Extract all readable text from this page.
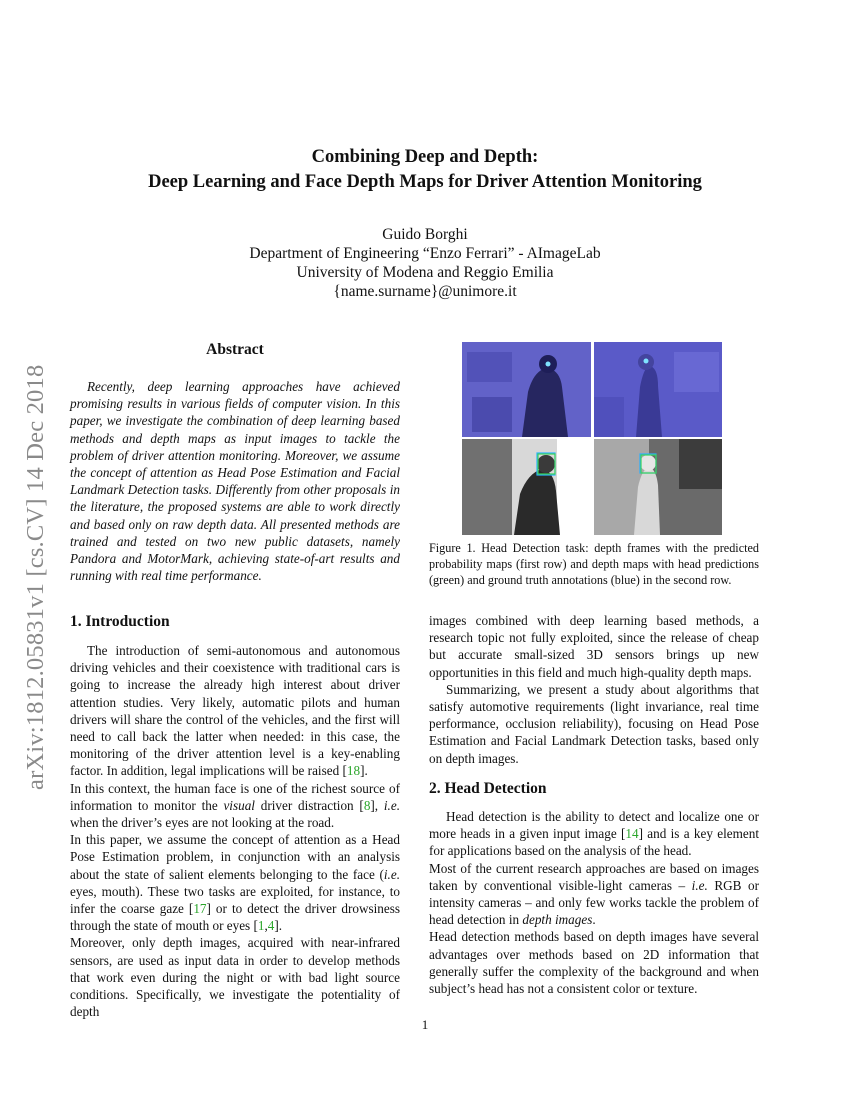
arXiv:1812.05831v1 [cs.CV] 14 Dec 2018
Combining Deep and Depth:
Deep Learning and Face Depth Maps for Driver Attention Monitoring
Guido Borghi
Department of Engineering “Enzo Ferrari” - AImageLab
University of Modena and Reggio Emilia
{name.surname}@unimore.it
Abstract

Recently, deep learning approaches have achieved promising results in various fields of computer vision. In this paper, we investigate the combination of deep learning based methods and depth maps as input images to tackle the problem of driver attention monitoring. Moreover, we assume the concept of attention as Head Pose Estimation and Facial Landmark Detection tasks. Differently from other proposals in the literature, the proposed systems are able to work directly and based only on raw depth data. All presented methods are trained and tested on two new public datasets, namely Pandora and MotorMark, achieving state-of-art results and running with real time performance.

Figure 1. Head Detection task: depth frames with the predicted probability maps (first row) and depth maps with head predictions (green) and ground truth annotations (blue) in the second row.
1. Introduction

The introduction of semi-autonomous and autonomous driving vehicles and their coexistence with traditional cars is going to increase the already high interest about driver attention studies. Very likely, automatic pilots and human drivers will share the control of the vehicles, and the first will need to call back the latter when needed: in this case, the monitoring of the driver attention level is a key-enabling factor. In addition, legal implications will be raised [18].

In this context, the human face is one of the richest source of information to monitor the visual driver distraction [8], i.e. when the driver’s eyes are not looking at the road.

In this paper, we assume the concept of attention as a Head Pose Estimation problem, in conjunction with an analysis about the state of salient elements belonging to the face (i.e. eyes, mouth). These two tasks are exploited, for instance, to infer the coarse gaze [17] or to detect the driver drowsiness through the state of mouth or eyes [1,4].

Moreover, only depth images, acquired with near-infrared sensors, are used as input data in order to develop methods that work even during the night or with bad light source conditions. Specifically, we investigate the potentiality of depth

images combined with deep learning based methods, a research topic not fully exploited, since the release of cheap but accurate small-sized 3D sensors brings up new opportunities in this field and much high-quality depth maps.

Summarizing, we present a study about algorithms that satisfy automotive requirements (light invariance, real time performance, occlusion reliability), focusing on Head Pose Estimation and Facial Landmark Detection tasks, based only on depth images.

2. Head Detection

Head detection is the ability to detect and localize one or more heads in a given input image [14] and is a key element for applications based on the analysis of the head.

Most of the current research approaches are based on images taken by conventional visible-light cameras – i.e. RGB or intensity cameras – and only few works tackle the problem of head detection in depth images.

Head detection methods based on depth images have several advantages over methods based on 2D information that generally suffer the complexity of the background and when subject’s head has not a consistent color or texture.

1
